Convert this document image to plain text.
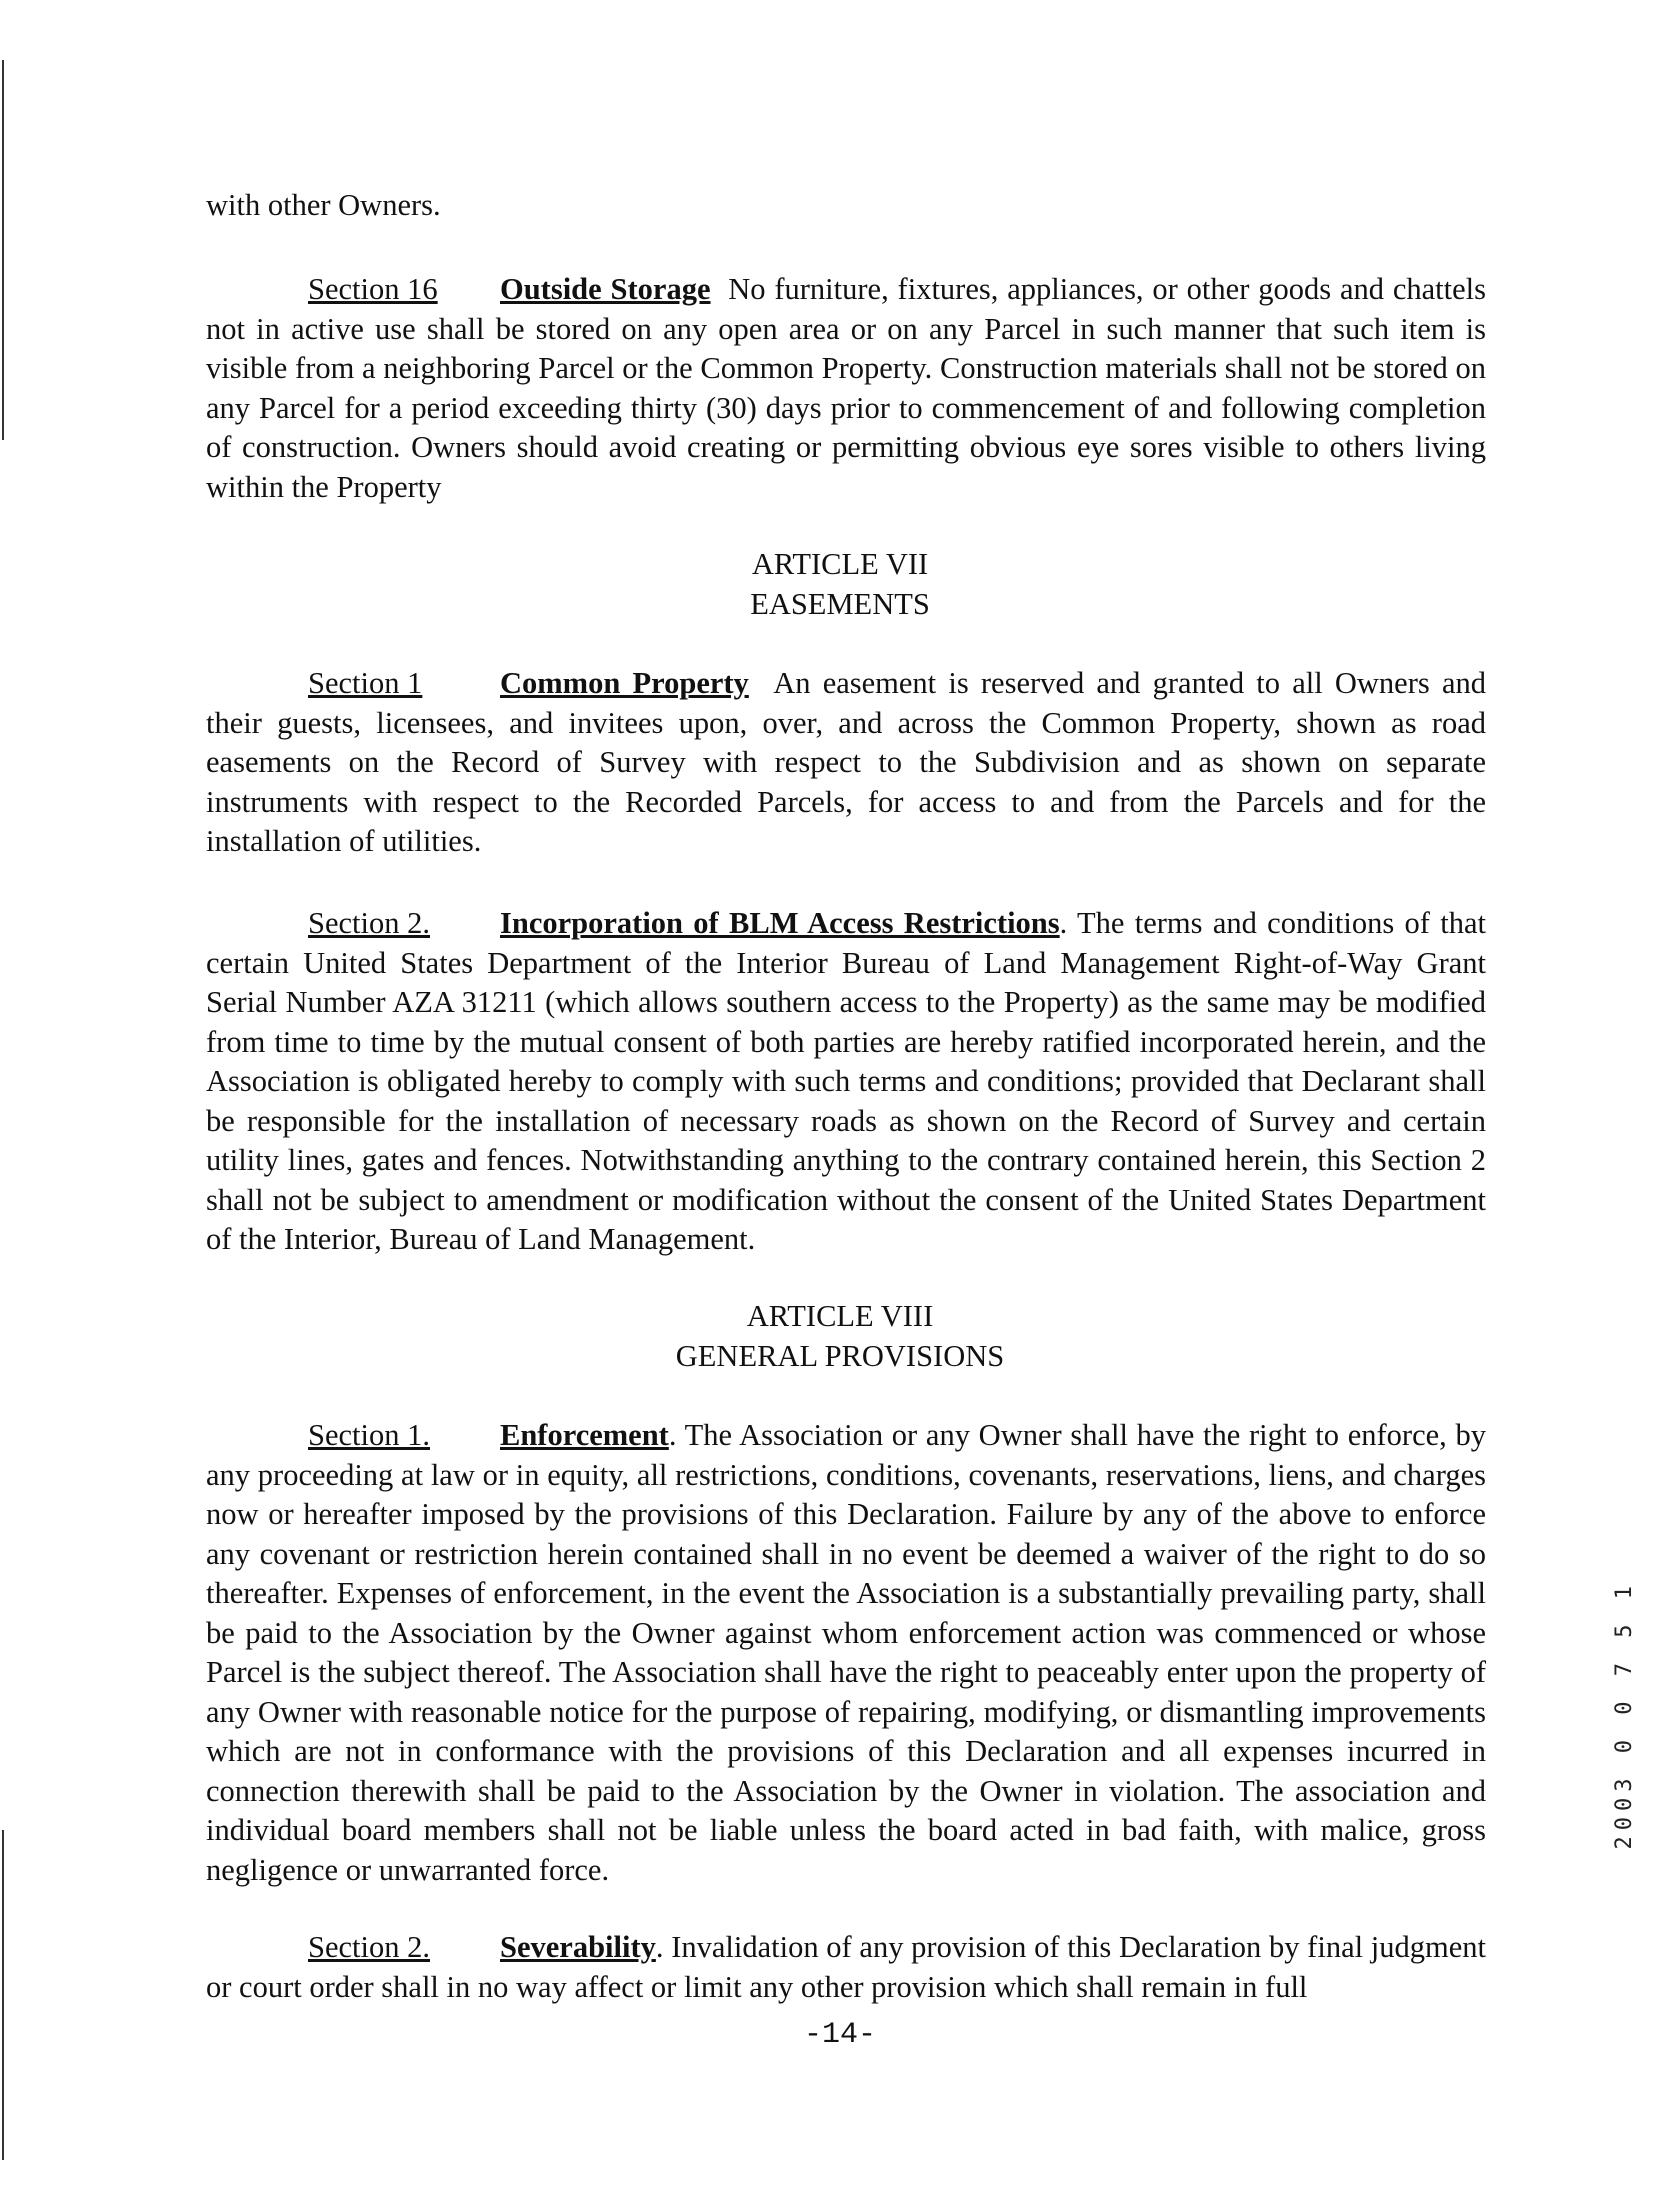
with other Owners.
Section 16 Outside Storage No furniture, fixtures, appliances, or other goods and chattels not in active use shall be stored on any open area or on any Parcel in such manner that such item is visible from a neighboring Parcel or the Common Property. Construction materials shall not be stored on any Parcel for a period exceeding thirty (30) days prior to commencement of and following completion of construction. Owners should avoid creating or permitting obvious eye sores visible to others living within the Property
ARTICLE VII
EASEMENTS
Section 1	Common Property An easement is reserved and granted to all Owners and their guests, licensees, and invitees upon, over, and across the Common Property, shown as road easements on the Record of Survey with respect to the Subdivision and as shown on separate instruments with respect to the Recorded Parcels, for access to and from the Parcels and for the installation of utilities.
Section 2. Incorporation of BLM Access Restrictions. The terms and conditions of that certain United States Department of the Interior Bureau of Land Management Right-of-Way Grant Serial Number AZA 31211 (which allows southern access to the Property) as the same may be modified from time to time by the mutual consent of both parties are hereby ratified incorporated herein, and the Association is obligated hereby to comply with such terms and conditions; provided that Declarant shall be responsible for the installation of necessary roads as shown on the Record of Survey and certain utility lines, gates and fences. Notwithstanding anything to the contrary contained herein, this Section 2 shall not be subject to amendment or modification without the consent of the United States Department of the Interior, Bureau of Land Management.
ARTICLE VIII
GENERAL PROVISIONS
Section 1. Enforcement. The Association or any Owner shall have the right to enforce, by any proceeding at law or in equity, all restrictions, conditions, covenants, reservations, liens, and charges now or hereafter imposed by the provisions of this Declaration. Failure by any of the above to enforce any covenant or restriction herein contained shall in no event be deemed a waiver of the right to do so thereafter. Expenses of enforcement, in the event the Association is a substantially prevailing party, shall be paid to the Association by the Owner against whom enforcement action was commenced or whose Parcel is the subject thereof. The Association shall have the right to peaceably enter upon the property of any Owner with reasonable notice for the purpose of repairing, modifying, or dismantling improvements which are not in conformance with the provisions of this Declaration and all expenses incurred in connection therewith shall be paid to the Association by the Owner in violation. The association and individual board members shall not be liable unless the board acted in bad faith, with malice, gross negligence or unwarranted force.
Section 2. Severability. Invalidation of any provision of this Declaration by final judgment or court order shall in no way affect or limit any other provision which shall remain in full
-14-
2003 0 0 7 5 1
